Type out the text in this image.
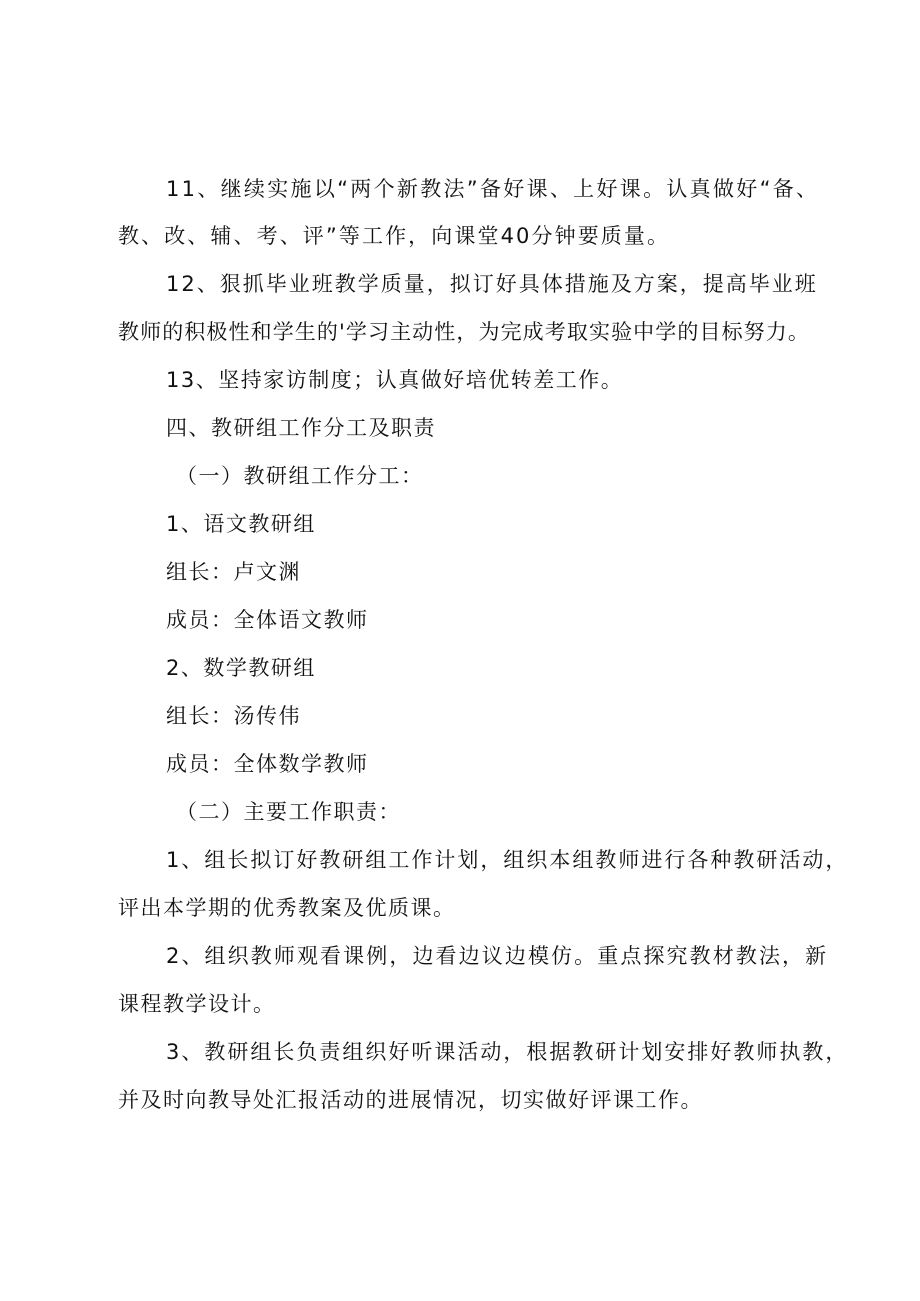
11、继续实施以“两个新教法”备好课、上好课。认真做好“备、
教、改、辅、考、评”等工作，向课堂40分钟要质量。
12、狠抓毕业班教学质量，拟订好具体措施及方案，提高毕业班
教师的积极性和学生的'学习主动性，为完成考取实验中学的目标努力。
13、坚持家访制度；认真做好培优转差工作。
四、教研组工作分工及职责
（一）教研组工作分工：
1、语文教研组
组长：卢文渊
成员：全体语文教师
2、数学教研组
组长：汤传伟
成员：全体数学教师
（二）主要工作职责：
1、组长拟订好教研组工作计划，组织本组教师进行各种教研活动，
评出本学期的优秀教案及优质课。
2、组织教师观看课例，边看边议边模仿。重点探究教材教法，新
课程教学设计。
3、教研组长负责组织好听课活动，根据教研计划安排好教师执教，
并及时向教导处汇报活动的进展情况，切实做好评课工作。
